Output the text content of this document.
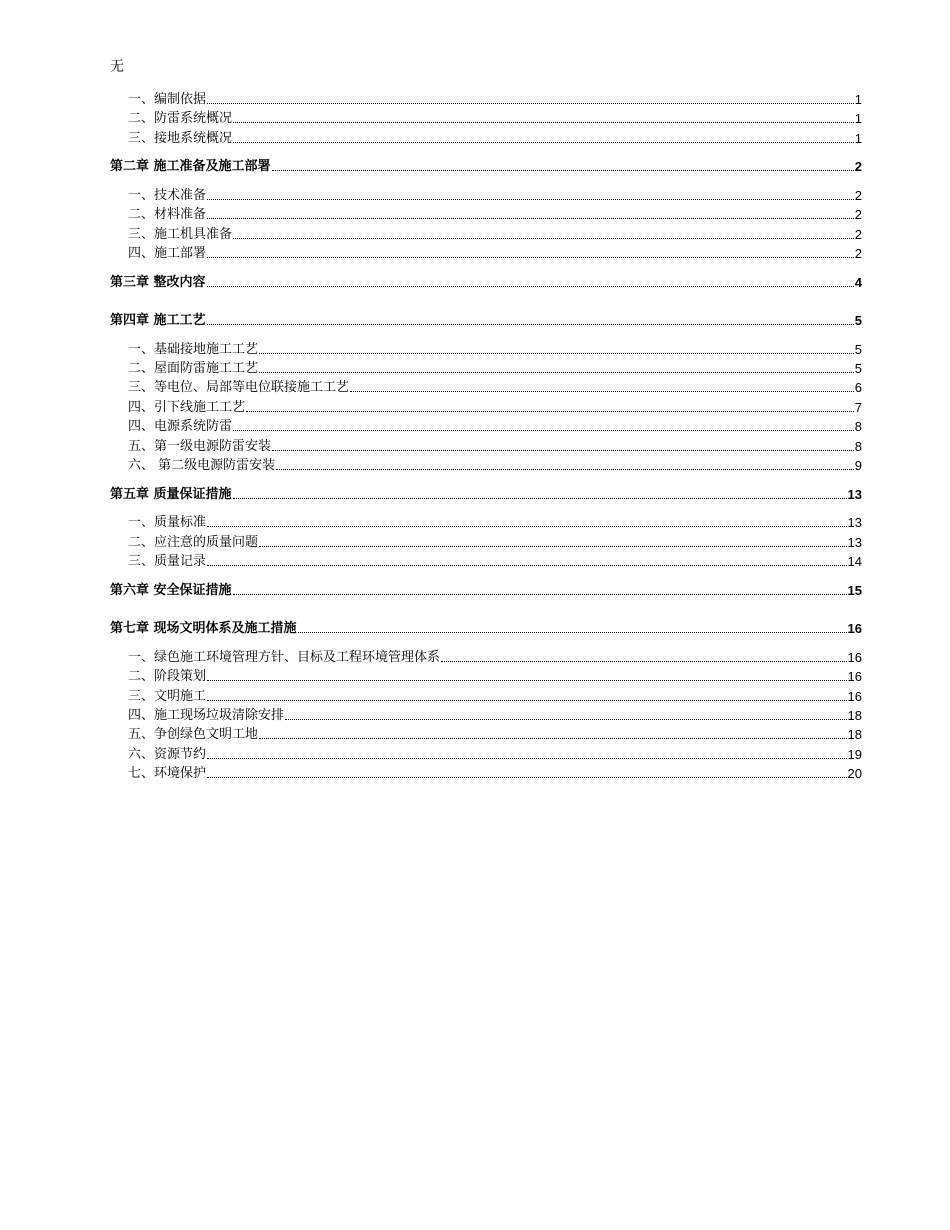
无
一、编制依据	1
二、防雷系统概况	1
三、接地系统概况	1
第二章 施工准备及施工部署	2
一、技术准备	2
二、材料准备	2
三、施工机具准备	2
四、施工部署	2
第三章 整改内容	4
第四章 施工工艺	5
一、基础接地施工工艺	5
二、屋面防雷施工工艺	5
三、等电位、局部等电位联接施工工艺	6
四、引下线施工工艺	7
四、电源系统防雷	8
五、第一级电源防雷安装	8
六、 第二级电源防雷安装	9
第五章 质量保证措施	13
一、质量标准	13
二、应注意的质量问题	13
三、质量记录	14
第六章 安全保证措施	15
第七章 现场文明体系及施工措施	16
一、绿色施工环境管理方针、目标及工程环境管理体系	16
二、阶段策划	16
三、文明施工	16
四、施工现场垃圾清除安排	18
五、争创绿色文明工地	18
六、资源节约	19
七、环境保护	20
